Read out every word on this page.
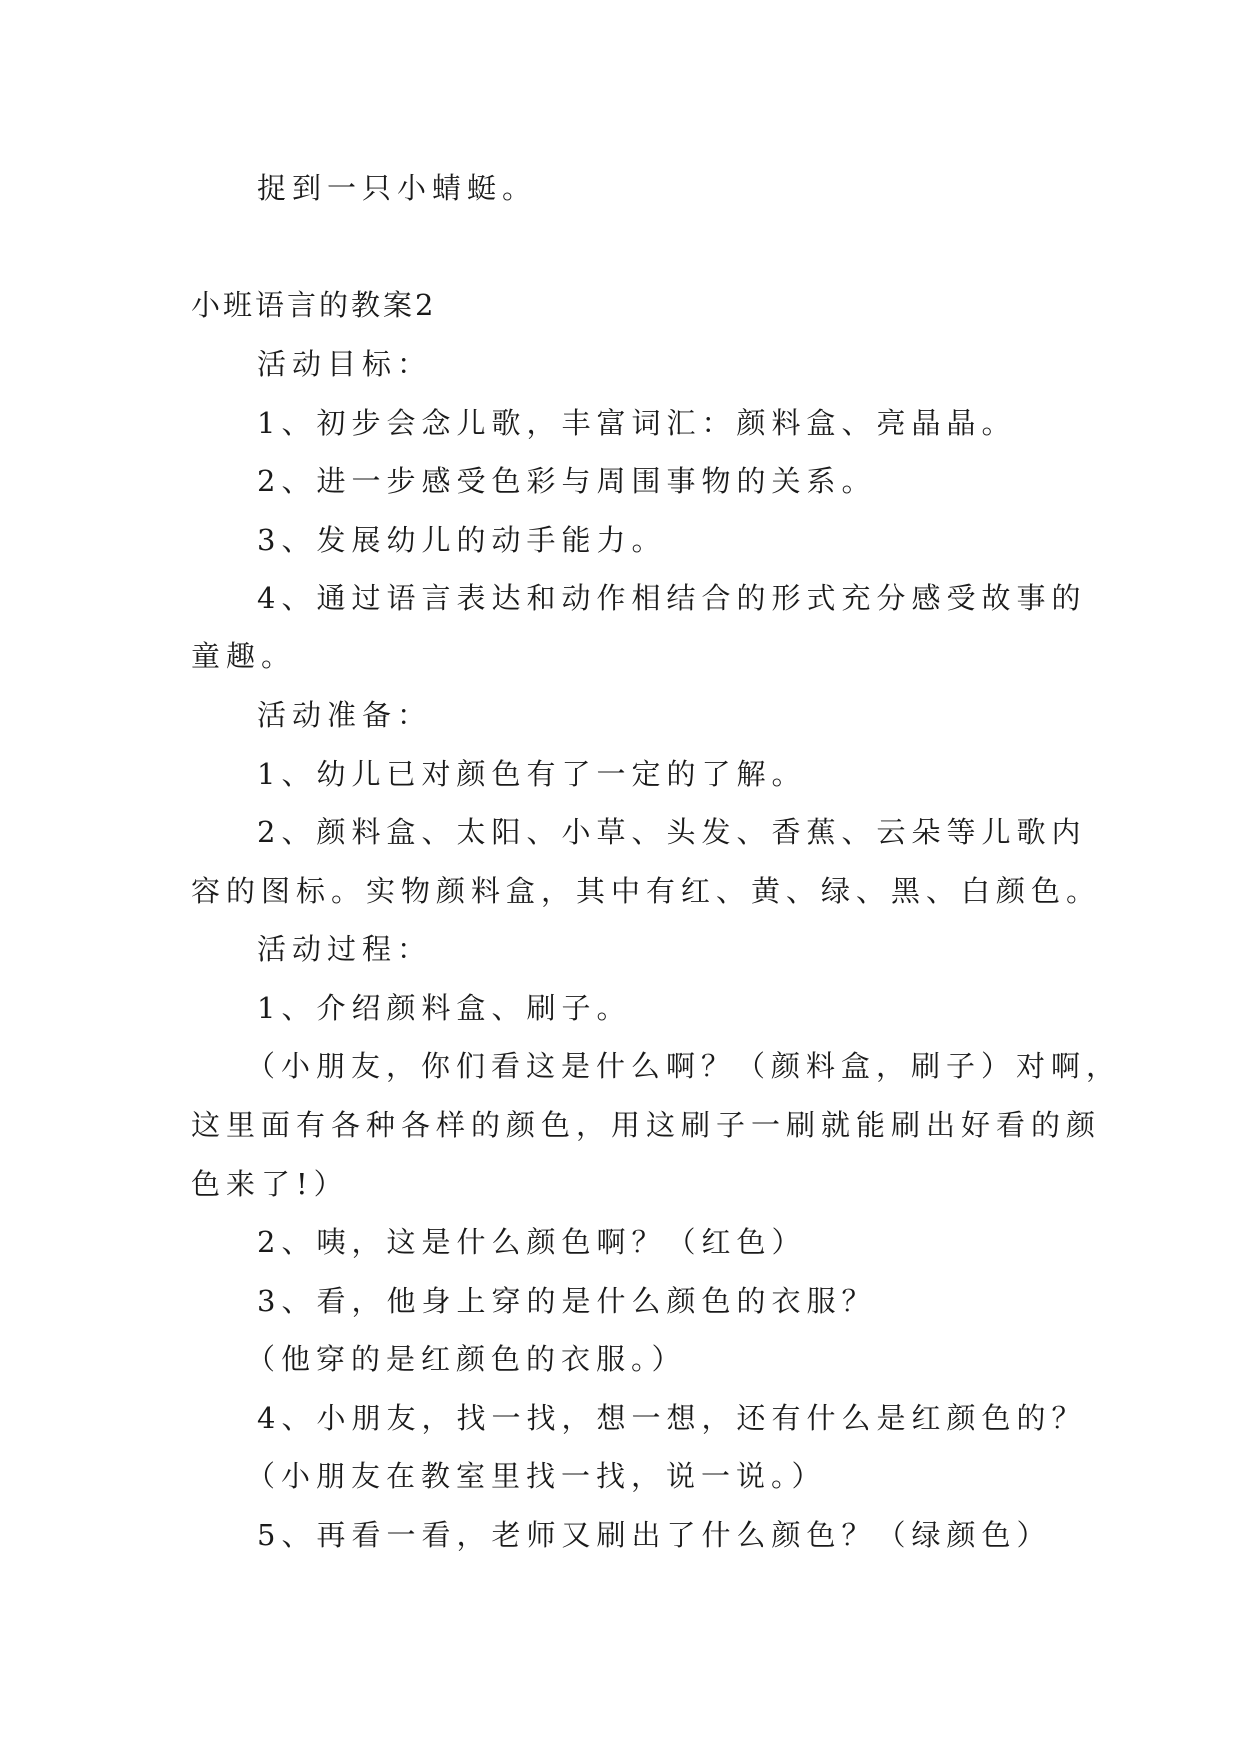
捉到一只小蜻蜓。

小班语言的教案2

活动目标：

1、初步会念儿歌，丰富词汇：颜料盒、亮晶晶。

2、进一步感受色彩与周围事物的关系。

3、发展幼儿的动手能力。

4、通过语言表达和动作相结合的形式充分感受故事的

童趣。

活动准备：

1、幼儿已对颜色有了一定的了解。

2、颜料盒、太阳、小草、头发、香蕉、云朵等儿歌内

容的图标。实物颜料盒，其中有红、黄、绿、黑、白颜色。

活动过程：

1、介绍颜料盒、刷子。

（小朋友，你们看这是什么啊？（颜料盒，刷子）对啊，

这里面有各种各样的颜色，用这刷子一刷就能刷出好看的颜

色来了!）

2、咦，这是什么颜色啊？（红色）

3、看，他身上穿的是什么颜色的衣服？

（他穿的是红颜色的衣服。）

4、小朋友，找一找，想一想，还有什么是红颜色的？

（小朋友在教室里找一找，说一说。）

5、再看一看，老师又刷出了什么颜色？（绿颜色）
